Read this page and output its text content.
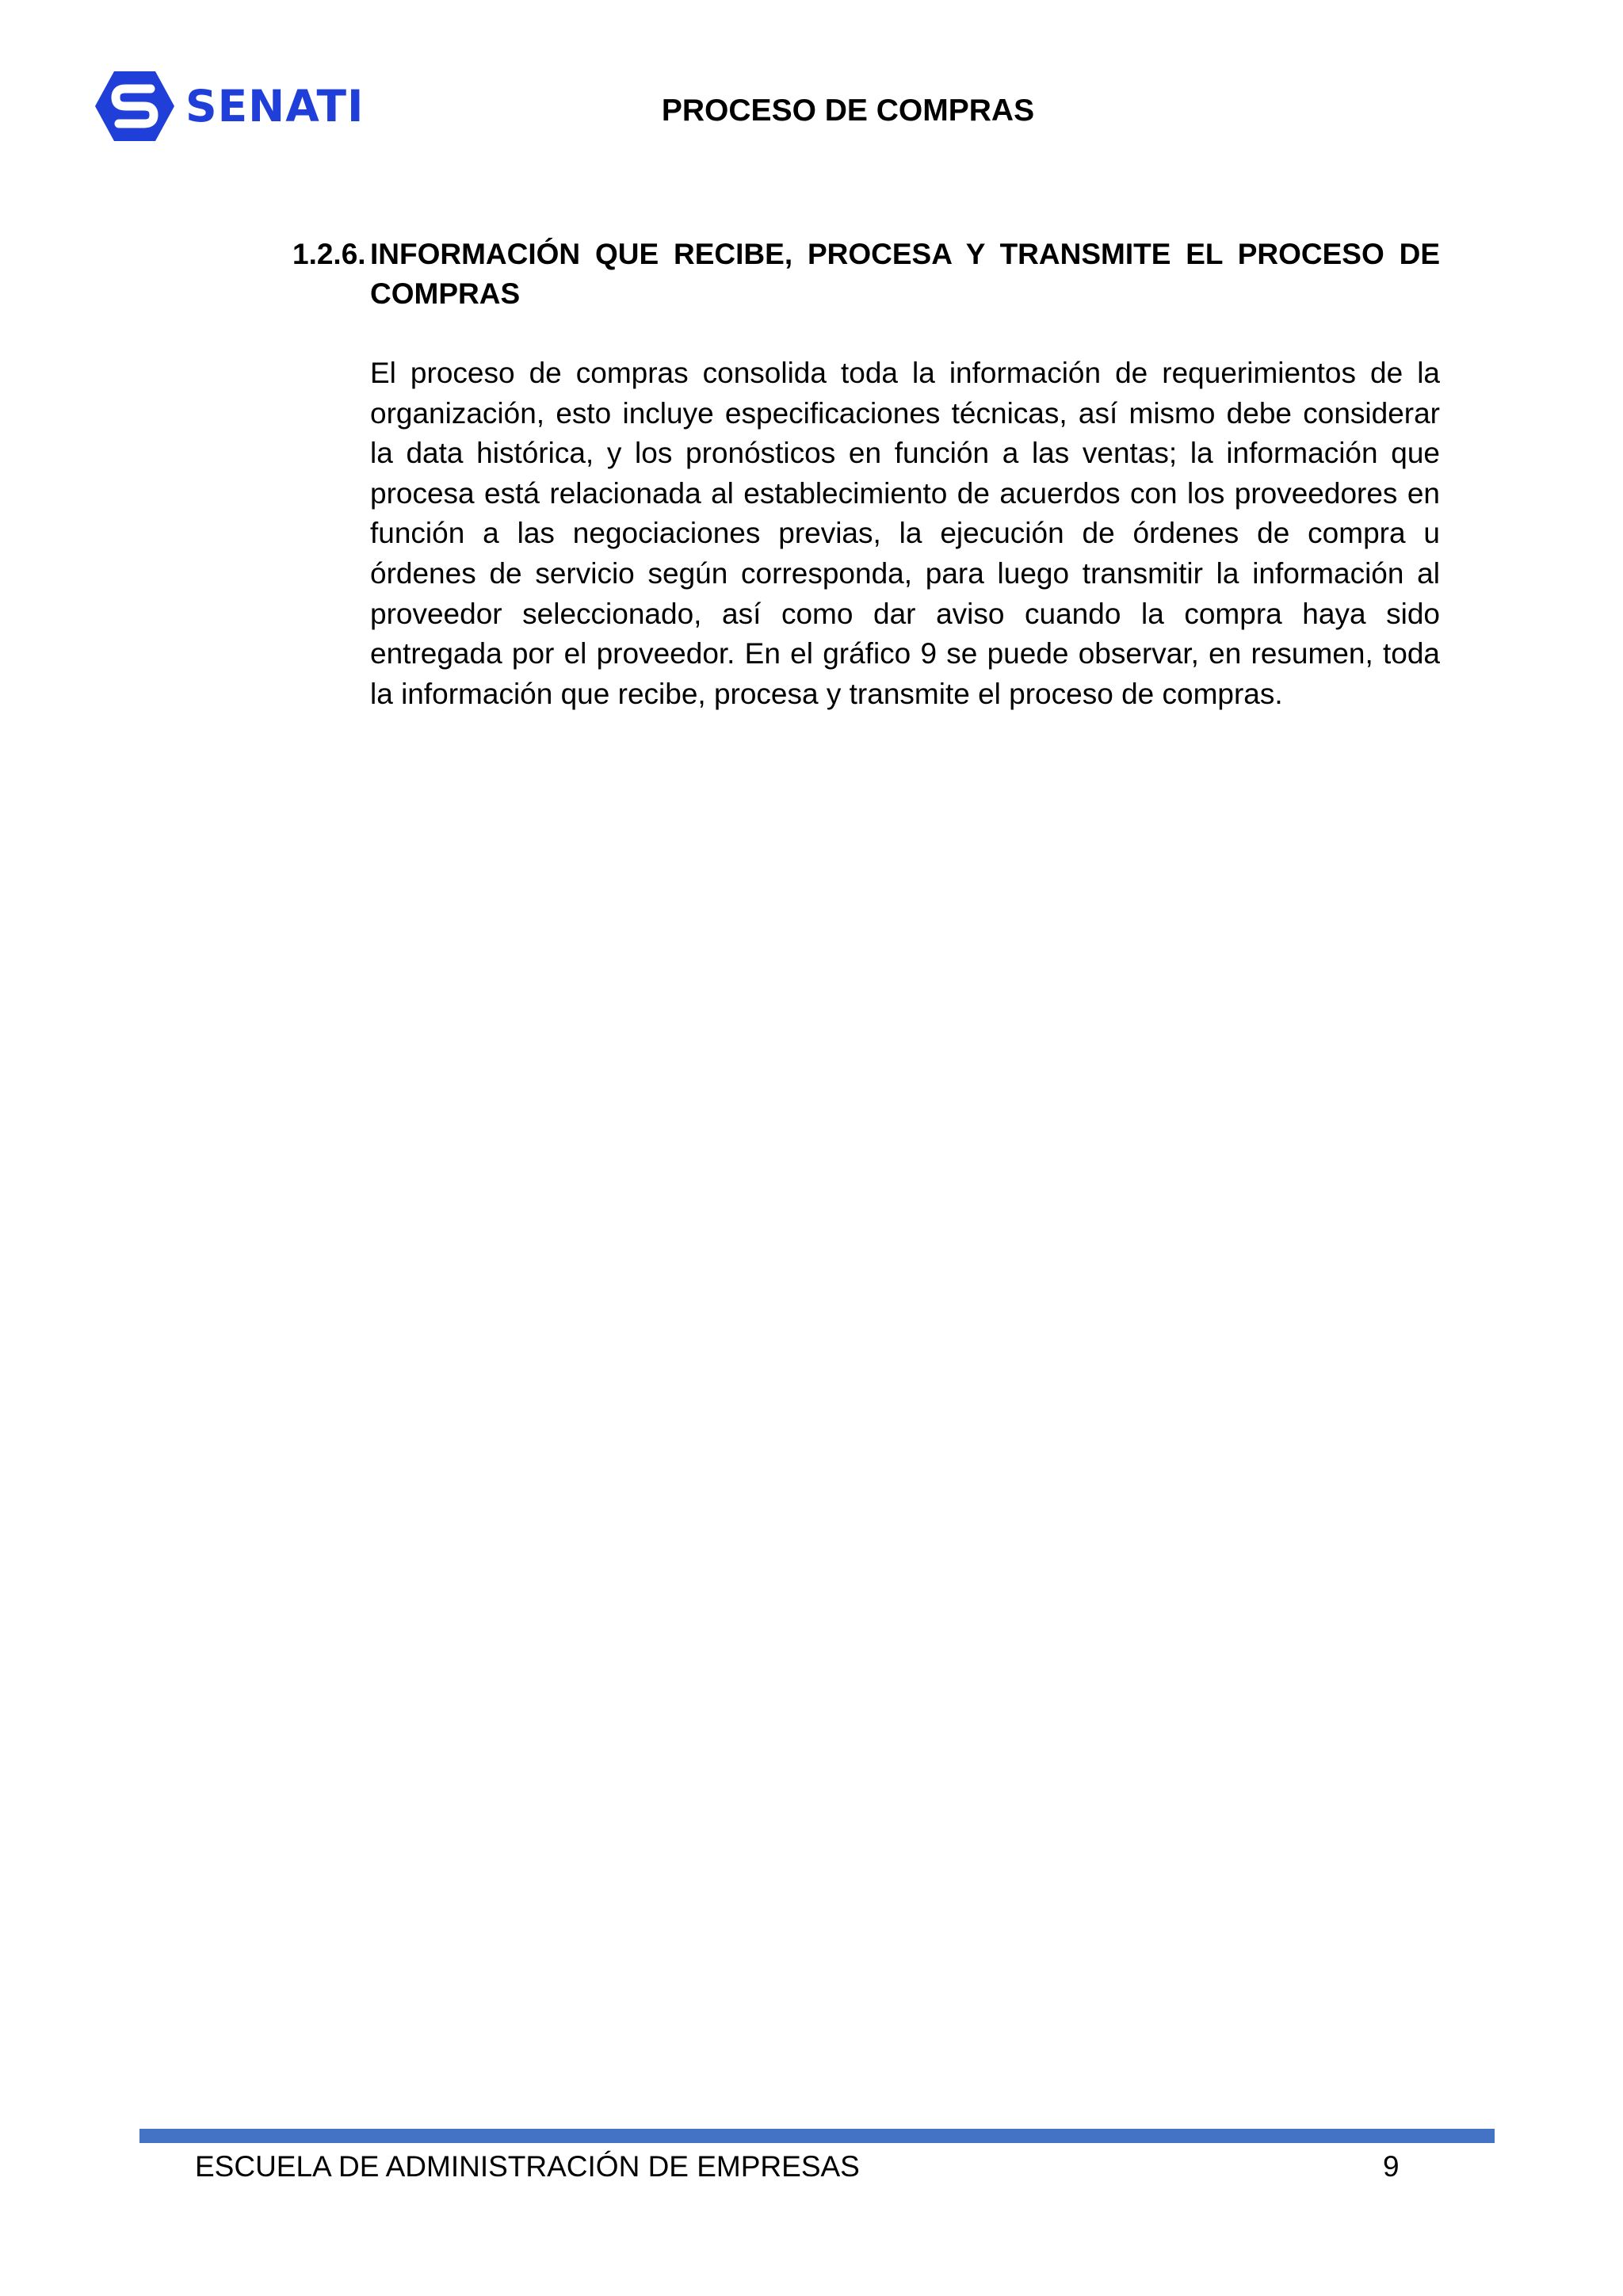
SENATI	PROCESO DE COMPRAS
1.2.6. INFORMACIÓN QUE RECIBE, PROCESA Y TRANSMITE EL PROCESO DE COMPRAS

El proceso de compras consolida toda la información de requerimientos de la organización, esto incluye especificaciones técnicas, así mismo debe considerar la data histórica, y los pronósticos en función a las ventas; la información que procesa está relacionada al establecimiento de acuerdos con los proveedores en función a las negociaciones previas, la ejecución de órdenes de compra u órdenes de servicio según corresponda, para luego transmitir la información al proveedor seleccionado, así como dar aviso cuando la compra haya sido entregada por el proveedor. En el gráfico 9 se puede observar, en resumen, toda la información que recibe, procesa y transmite el proceso de compras.

ESCUELA DE ADMINISTRACIÓN DE EMPRESAS	9
